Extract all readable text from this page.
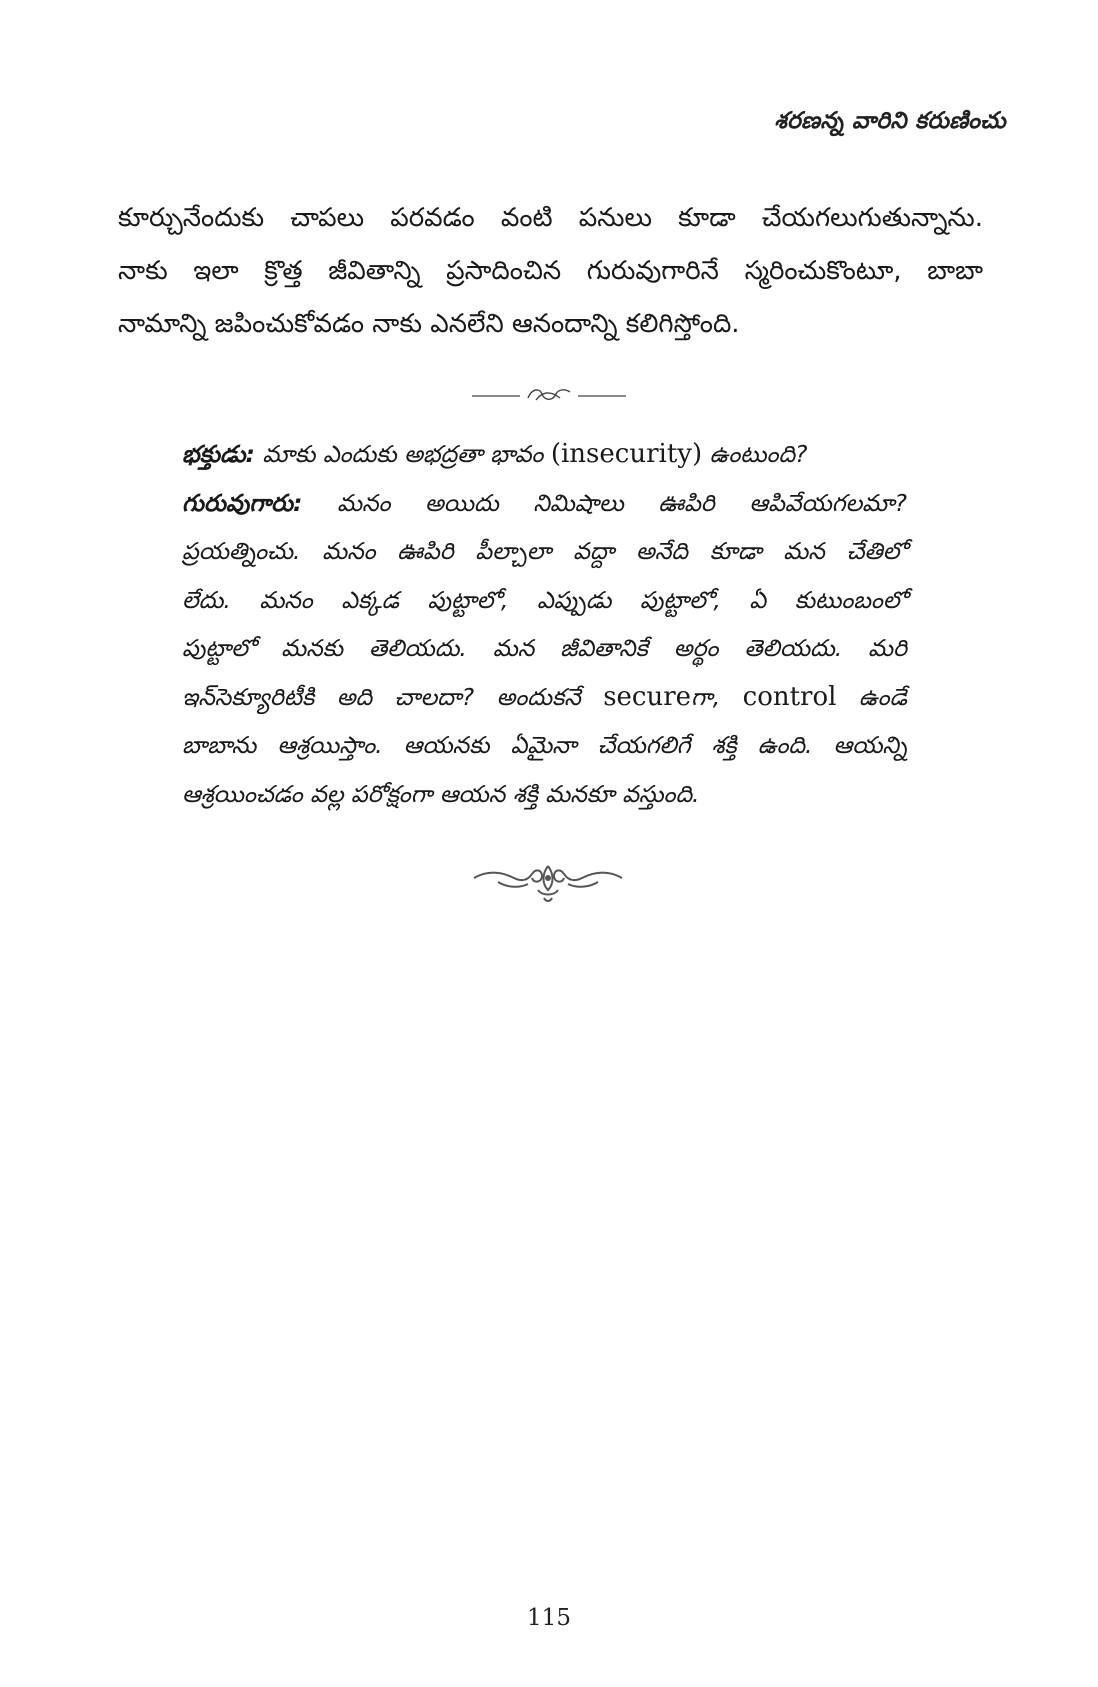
శరణన్న వారిని కరుణించు
కూర్చునేందుకు చాపలు పరవడం వంటి పనులు కూడా చేయగలుగుతున్నాను.
నాకు ఇలా క్రొత్త జీవితాన్ని ప్రసాదించిన గురువుగారినే స్మరించుకొంటూ, బాబా
నామాన్ని జపించుకోవడం నాకు ఎనలేని ఆనందాన్ని కలిగిస్తోంది.
భక్తుడు: మాకు ఎందుకు అభద్రతా భావం (insecurity) ఉంటుంది?
గురువుగారు: మనం అయిదు నిమిషాలు ఊపిరి ఆపివేయగలమా?
ప్రయత్నించు. మనం ఊపిరి పీల్చాలా వద్దా అనేది కూడా మన చేతిలో
లేదు. మనం ఎక్కడ పుట్టాలో, ఎప్పుడు పుట్టాలో, ఏ కుటుంబంలో
పుట్టాలో మనకు తెలియదు. మన జీవితానికే అర్థం తెలియదు. మరి
ఇన్‌సెక్యూరిటీకి అది చాలదా? అందుకనే secureగా, control ఉండే
బాబాను ఆశ్రయిస్తాం. ఆయనకు ఏమైనా చేయగలిగే శక్తి ఉంది. ఆయన్ని
ఆశ్రయించడం వల్ల పరోక్షంగా ఆయన శక్తి మనకూ వస్తుంది.
115
